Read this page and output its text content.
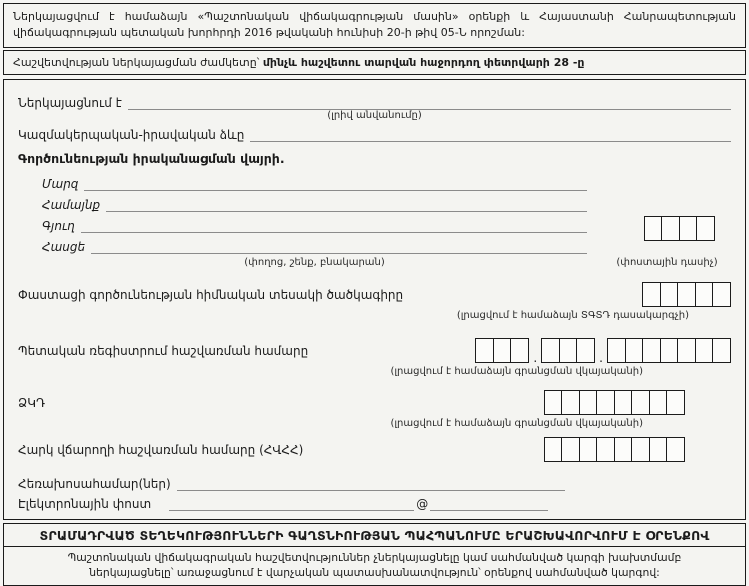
Ներկայացվում է համաձայն «Պաշտոնական վիճակագրության մասին» օրենքի և Հայաստանի Հանրապետության վիճակագրության պետական խորհրդի 2016 թվականի հունիսի 20-ի թիվ 05-Ն որոշման:
Հաշվետվության ներկայացման ժամկետը՝ մինչև հաշվետու տարվան հաջորդող փետրվարի 28 -ը
Ներկայացնում է
(լրիվ անվանումը)
Կազմակերպական-իրավական ձևը
Գործունեության իրականացման վայրի.
Մարզ
Համայնք
Գյուղ
Հասցե
(փողոց, շենք, բնակարան)	(փոստային դասիչ)
Փաստացի գործունեության հիմնական տեսակի ծածկագիրը
(լրացվում է համաձայն ՏԳՏԴ դասակարգչի)
Պետական ռեգիստրում հաշվառման համարը
.	.
(լրացվում է համաձայն գրանցման վկայականի)
ՁԿԴ
(լրացվում է համաձայն գրանցման վկայականի)
Հարկ վճարողի հաշվառման համարը (ՀՎՀՀ)
Հեռախոսահամար(ներ)
Էլեկտրոնային փոստ	@
ՏՐԱՄԱԴՐՎԱԾ ՏԵՂԵԿՈՒԹՅՈՒՆՆԵՐԻ ԳԱՂՏՆԻՈՒԹՅԱՆ ՊԱՀՊԱՆՈՒՄԸ ԵՐԱՇԽԱՎՈՐՎՈՒՄ Է ՕՐԵՆՔՈՎ
Պաշտոնական վիճակագրական հաշվետվություններ չներկայացնելը կամ սահմանված կարգի խախտմամբ ներկայացնելը՝ առաջացնում է վարչական պատասխանատվություն՝ օրենքով սահմանված կարգով:
